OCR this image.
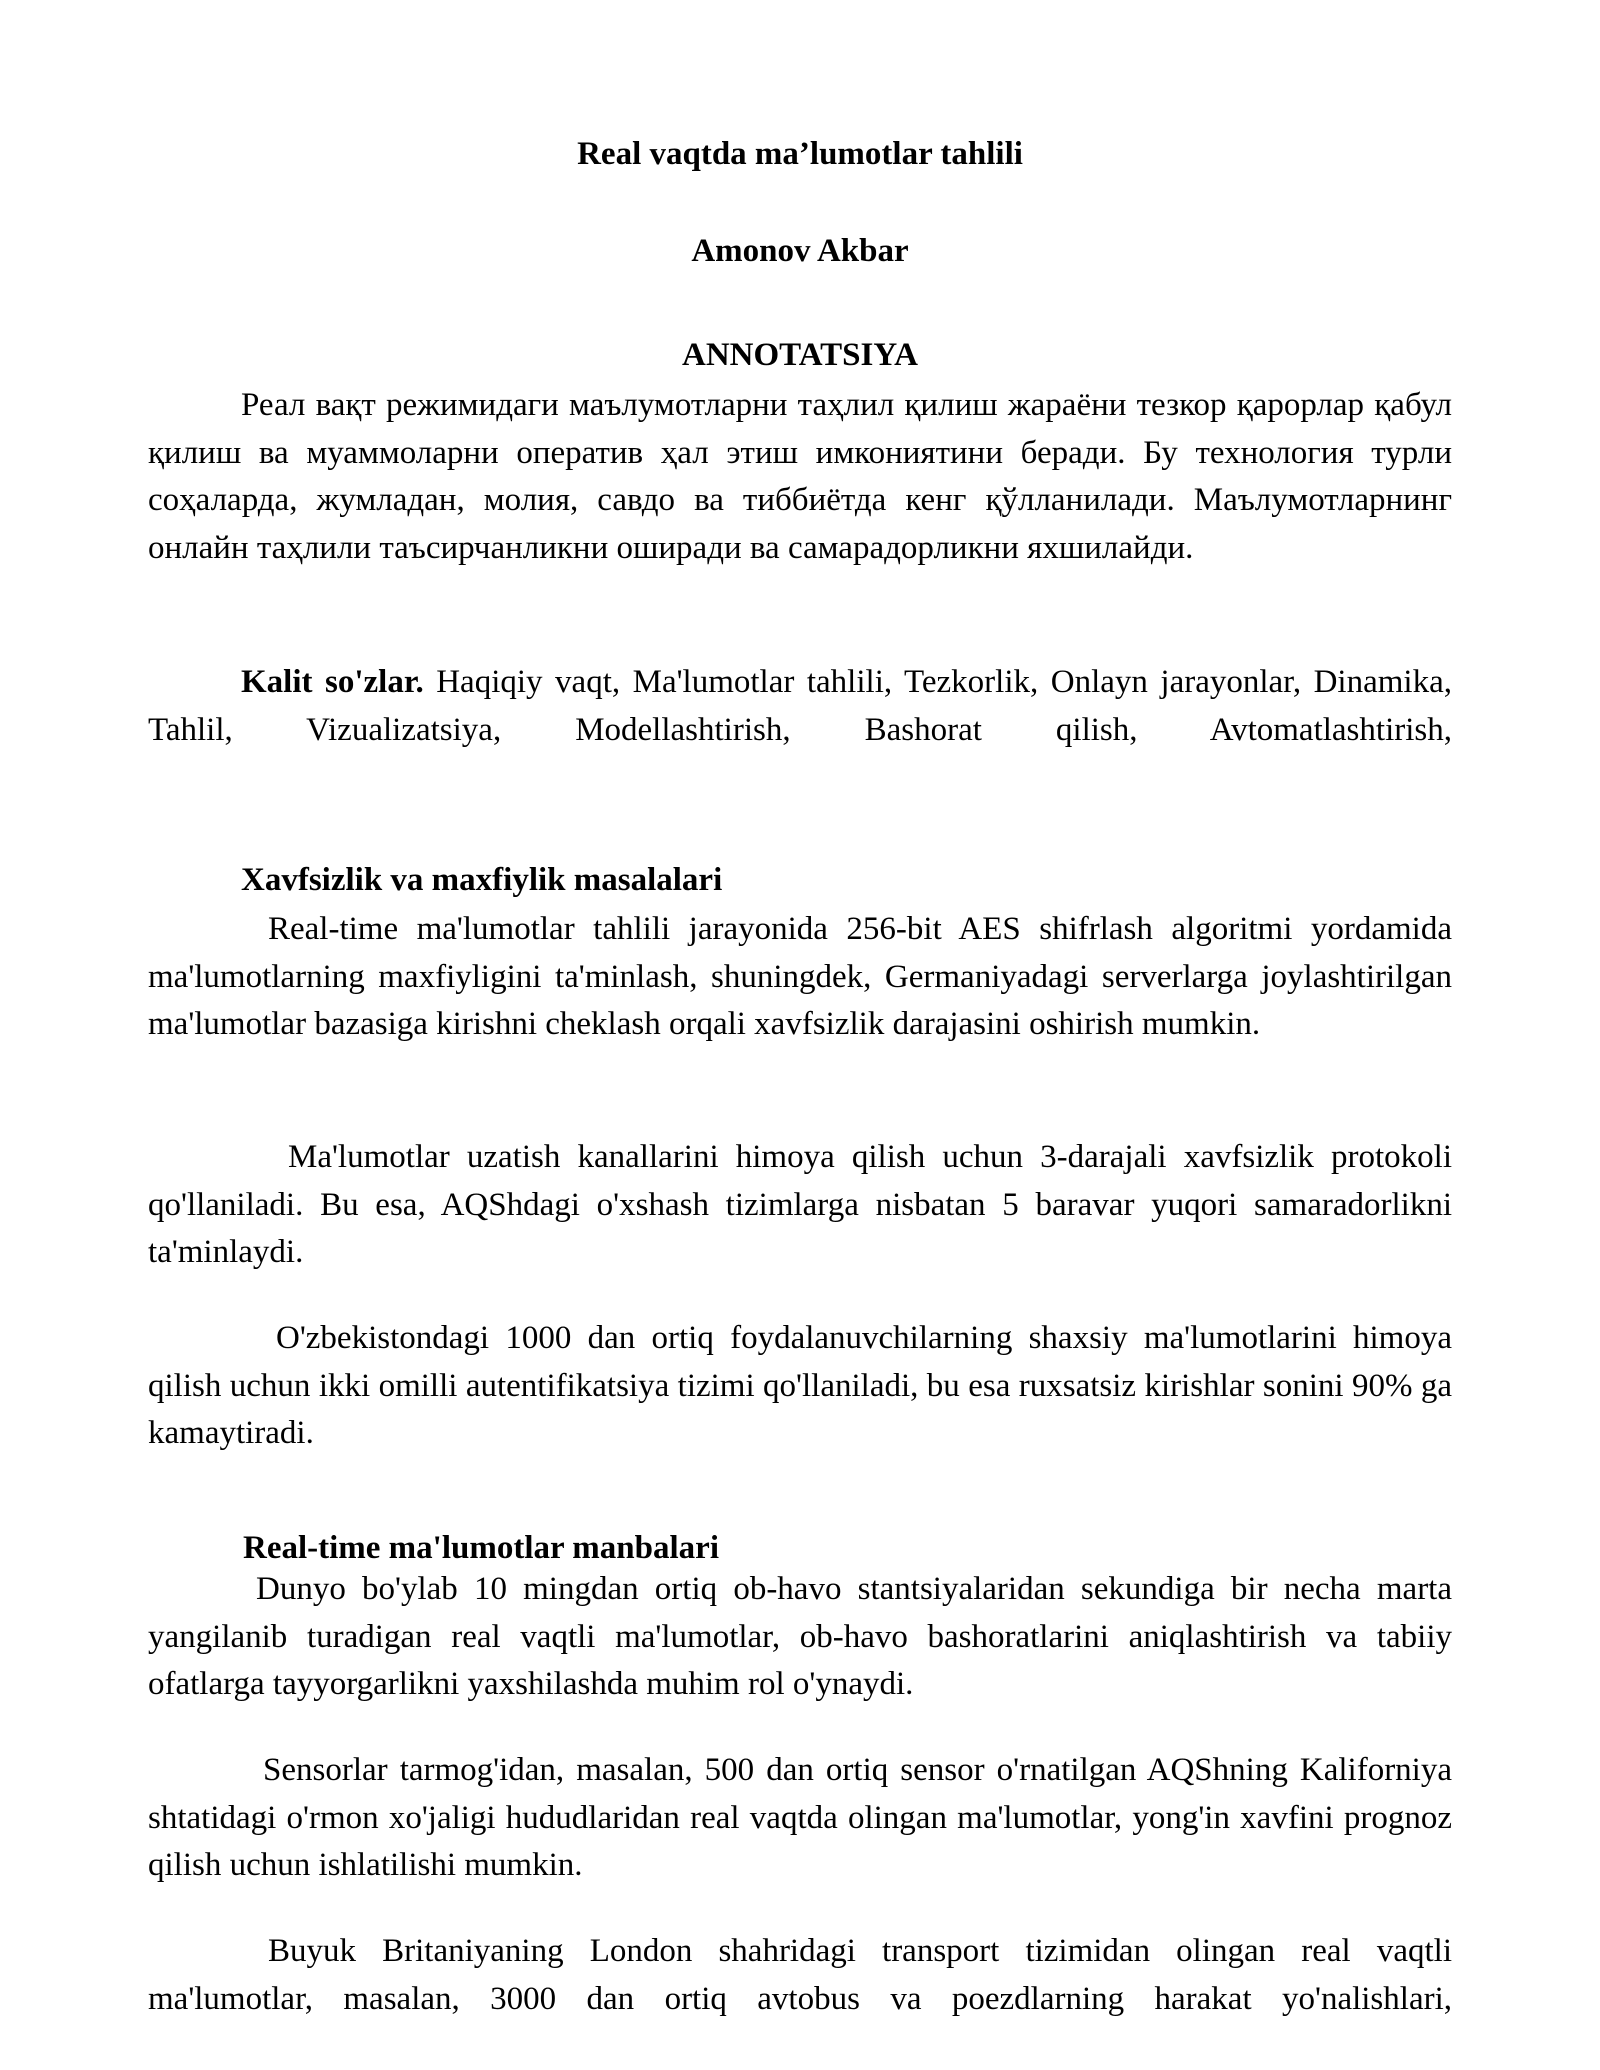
Real vaqtda ma’lumotlar tahlili
Amonov Akbar
ANNOTATSIYA

Реал вақт режимидаги маълумотларни таҳлил қилиш жараёни тезкор қарорлар қабул қилиш ва муаммоларни оператив ҳал этиш имкониятини беради. Бу технология турли соҳаларда, жумладан, молия, савдо ва тиббиётда кенг қўлланилади. Маълумотларнинг онлайн таҳлили таъсирчанликни оширади ва самарадорликни яхшилайди.

Kalit so'zlar. Haqiqiy vaqt, Ma'lumotlar tahlili, Tezkorlik, Onlayn jarayonlar, Dinamika, Tahlil, Vizualizatsiya, Modellashtirish, Bashorat qilish, Avtomatlashtirish,

Xavfsizlik va maxfiylik masalalari

Real-time ma'lumotlar tahlili jarayonida 256-bit AES shifrlash algoritmi yordamida ma'lumotlarning maxfiyligini ta'minlash, shuningdek, Germaniyadagi serverlarga joylashtirilgan ma'lumotlar bazasiga kirishni cheklash orqali xavfsizlik darajasini oshirish mumkin.

Ma'lumotlar uzatish kanallarini himoya qilish uchun 3-darajali xavfsizlik protokoli qo'llaniladi. Bu esa, AQShdagi o'xshash tizimlarga nisbatan 5 baravar yuqori samaradorlikni ta'minlaydi.

O'zbekistondagi 1000 dan ortiq foydalanuvchilarning shaxsiy ma'lumotlarini himoya qilish uchun ikki omilli autentifikatsiya tizimi qo'llaniladi, bu esa ruxsatsiz kirishlar sonini 90% ga kamaytiradi.

Real-time ma'lumotlar manbalari

Dunyo bo'ylab 10 mingdan ortiq ob-havo stantsiyalaridan sekundiga bir necha marta yangilanib turadigan real vaqtli ma'lumotlar, ob-havo bashoratlarini aniqlashtirish va tabiiy ofatlarga tayyorgarlikni yaxshilashda muhim rol o'ynaydi.

Sensorlar tarmog'idan, masalan, 500 dan ortiq sensor o'rnatilgan AQShning Kaliforniya shtatidagi o'rmon xo'jaligi hududlaridan real vaqtda olingan ma'lumotlar, yong'in xavfini prognoz qilish uchun ishlatilishi mumkin.

Buyuk Britaniyaning London shahridagi transport tizimidan olingan real vaqtli ma'lumotlar, masalan, 3000 dan ortiq avtobus va poezdlarning harakat yo'nalishlari,
